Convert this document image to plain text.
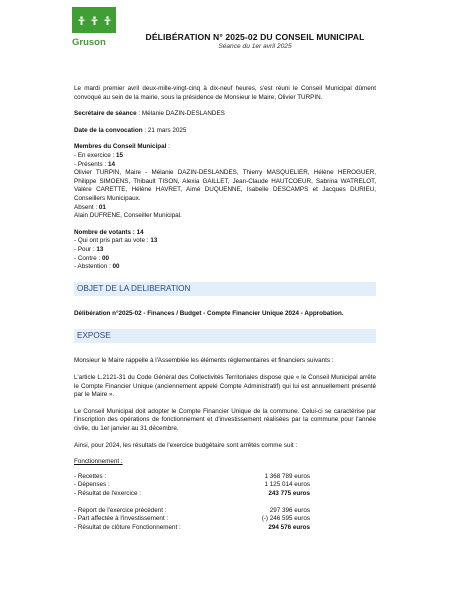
Gruson	DÉLIBÉRATION N° 2025-02 DU CONSEIL MUNICIPAL
Séance du 1er avril 2025

Le mardi premier avril deux-mille-vingt-cinq à dix-neuf heures, s'est réuni le Conseil Municipal dûment convoqué au sein de la mairie, sous la présidence de Monsieur le Maire, Olivier TURPIN.

Secrétaire de séance : Mélanie DAZIN-DESLANDES

Date de la convocation : 21 mars 2025

Membres du Conseil Municipal :

- En exercice : 15

- Présents : 14

Olivier TURPIN, Maire - Mélanie DAZIN-DESLANDES, Thierry MASQUELIER, Hélène HEROGUER, Philippe SIMOENS, Thibault TISON, Alexia GAILLET, Jean-Claude HAUTCOEUR, Sabrina WATRELOT, Valère CARETTE, Hélène HAVRET, Aimé DUQUENNE, Isabelle DESCAMPS et Jacques DURIEU, Conseillers Municipaux.

Absent : 01

Alain DUFRENE, Conseiller Municipal.

Nombre de votants : 14

- Qui ont pris part au vote : 13

- Pour : 13

- Contre : 00

- Abstention : 00

OBJET DE LA DELIBERATION

Délibération n°2025-02 - Finances / Budget - Compte Financier Unique 2024 - Approbation.

EXPOSE

Monsieur le Maire rappelle à l'Assemblée les éléments réglementaires et financiers suivants :

L'article L.2121-31 du Code Général des Collectivités Territoriales dispose que « le Conseil Municipal arrête le Compte Financier Unique (anciennement appelé Compte Administratif) qui lui est annuellement présenté par le Maire ».

Le Conseil Municipal doit adopter le Compte Financier Unique de la commune. Celui-ci se caractérise par l'inscription des opérations de fonctionnement et d'investissement réalisées par la commune pour l'année civile, du 1er janvier au 31 décembre.

Ainsi, pour 2024, les résultats de l'exercice budgétaire sont arrêtés comme suit :

Fonctionnement :

- Recettes :	1 368 789 euros
- Dépenses :	1 125 014 euros
- Résultat de l'exercice :	243 775 euros
- Report de l'exercice précédent :	297 396 euros
- Part affectée à l'investissement :	(-) 246 595 euros
- Résultat de clôture Fonctionnement :	294 576 euros
